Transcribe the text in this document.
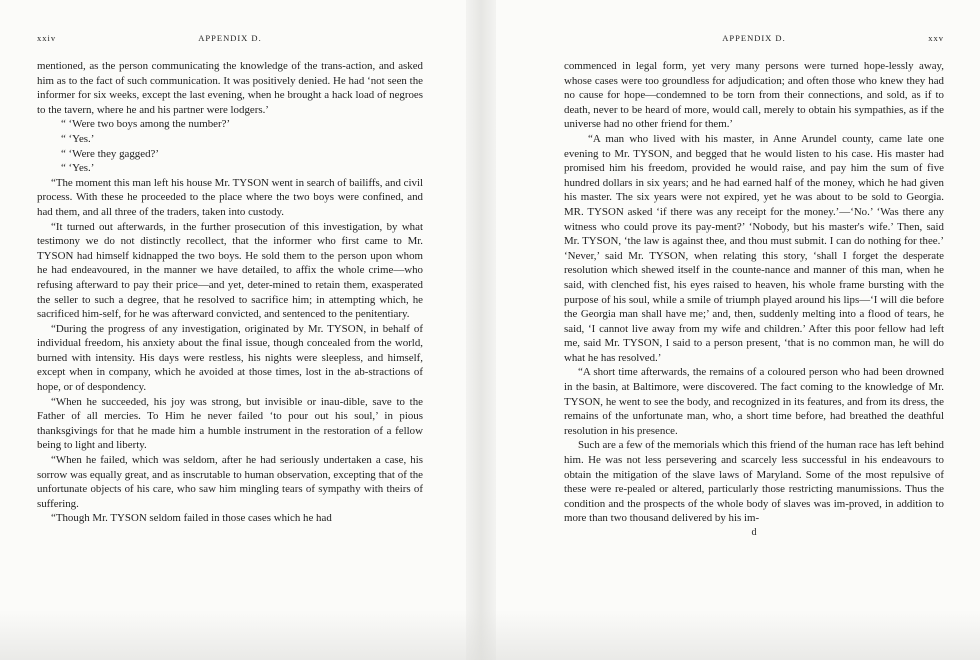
APPENDIX D.
xxiv

mentioned, as the person communicating the knowledge of the trans-action, and asked him as to the fact of such communication. It was positively denied. He had ‘not seen the informer for six weeks, except the last evening, when he brought a hack load of negroes to the tavern, where he and his partner were lodgers.’

“ ‘Were two boys among the number?’

“ ‘Yes.’

“ ‘Were they gagged?’

“ ‘Yes.’

“The moment this man left his house Mr. TYSON went in search of bailiffs, and civil process. With these he proceeded to the place where the two boys were confined, and had them, and all three of the traders, taken into custody.

“It turned out afterwards, in the further prosecution of this investigation, by what testimony we do not distinctly recollect, that the informer who first came to Mr. TYSON had himself kidnapped the two boys. He sold them to the person upon whom he had endeavoured, in the manner we have detailed, to affix the whole crime—who refusing afterward to pay their price—and yet, deter-mined to retain them, exasperated the seller to such a degree, that he resolved to sacrifice him; in attempting which, he sacrificed him-self, for he was afterward convicted, and sentenced to the penitentiary.

“During the progress of any investigation, originated by Mr. TYSON, in behalf of individual freedom, his anxiety about the final issue, though concealed from the world, burned with intensity. His days were restless, his nights were sleepless, and himself, except when in company, which he avoided at those times, lost in the ab-stractions of hope, or of despondency.

“When he succeeded, his joy was strong, but invisible or inau-dible, save to the Father of all mercies. To Him he never failed ‘to pour out his soul,’ in pious thanksgivings for that he made him a humble instrument in the restoration of a fellow being to light and liberty.

“When he failed, which was seldom, after he had seriously undertaken a case, his sorrow was equally great, and as inscrutable to human observation, excepting that of the unfortunate objects of his care, who saw him mingling tears of sympathy with theirs of suffering.

“Though Mr. TYSON seldom failed in those cases which he had

APPENDIX D.	xxv

commenced in legal form, yet very many persons were turned hope-lessly away, whose cases were too groundless for adjudication; and often those who knew they had no cause for hope—condemned to be torn from their connections, and sold, as if to death, never to be heard of more, would call, merely to obtain his sympathies, as if the universe had no other friend for them.’

“A man who lived with his master, in Anne Arundel county, came late one evening to Mr. TYSON, and begged that he would listen to his case. His master had promised him his freedom, provided he would raise, and pay him the sum of five hundred dollars in six years; and he had earned half of the money, which he had given his master. The six years were not expired, yet he was about to be sold to Georgia. MR. TYSON asked ‘if there was any receipt for the money.’—‘No.’ ‘Was there any witness who could prove its pay-ment?’ ‘Nobody, but his master's wife.’ Then, said Mr. TYSON, ‘the law is against thee, and thou must submit. I can do nothing for thee.’ ‘Never,’ said Mr. TYSON, when relating this story, ‘shall I forget the desperate resolution which shewed itself in the counte-nance and manner of this man, when he said, with clenched fist, his eyes raised to heaven, his whole frame bursting with the purpose of his soul, while a smile of triumph played around his lips—‘I will die before the Georgia man shall have me;’ and, then, suddenly melting into a flood of tears, he said, ‘I cannot live away from my wife and children.’ After this poor fellow had left me, said Mr. TYSON, I said to a person present, ‘that is no common man, he will do what he has resolved.’

“A short time afterwards, the remains of a coloured person who had been drowned in the basin, at Baltimore, were discovered. The fact coming to the knowledge of Mr. TYSON, he went to see the body, and recognized in its features, and from its dress, the remains of the unfortunate man, who, a short time before, had breathed the deathful resolution in his presence.

Such are a few of the memorials which this friend of the human race has left behind him. He was not less persevering and scarcely less successful in his endeavours to obtain the mitigation of the slave laws of Maryland. Some of the most repulsive of these were re-pealed or altered, particularly those restricting manumissions. Thus the condition and the prospects of the whole body of slaves was im-proved, in addition to more than two thousand delivered by his im-

d
